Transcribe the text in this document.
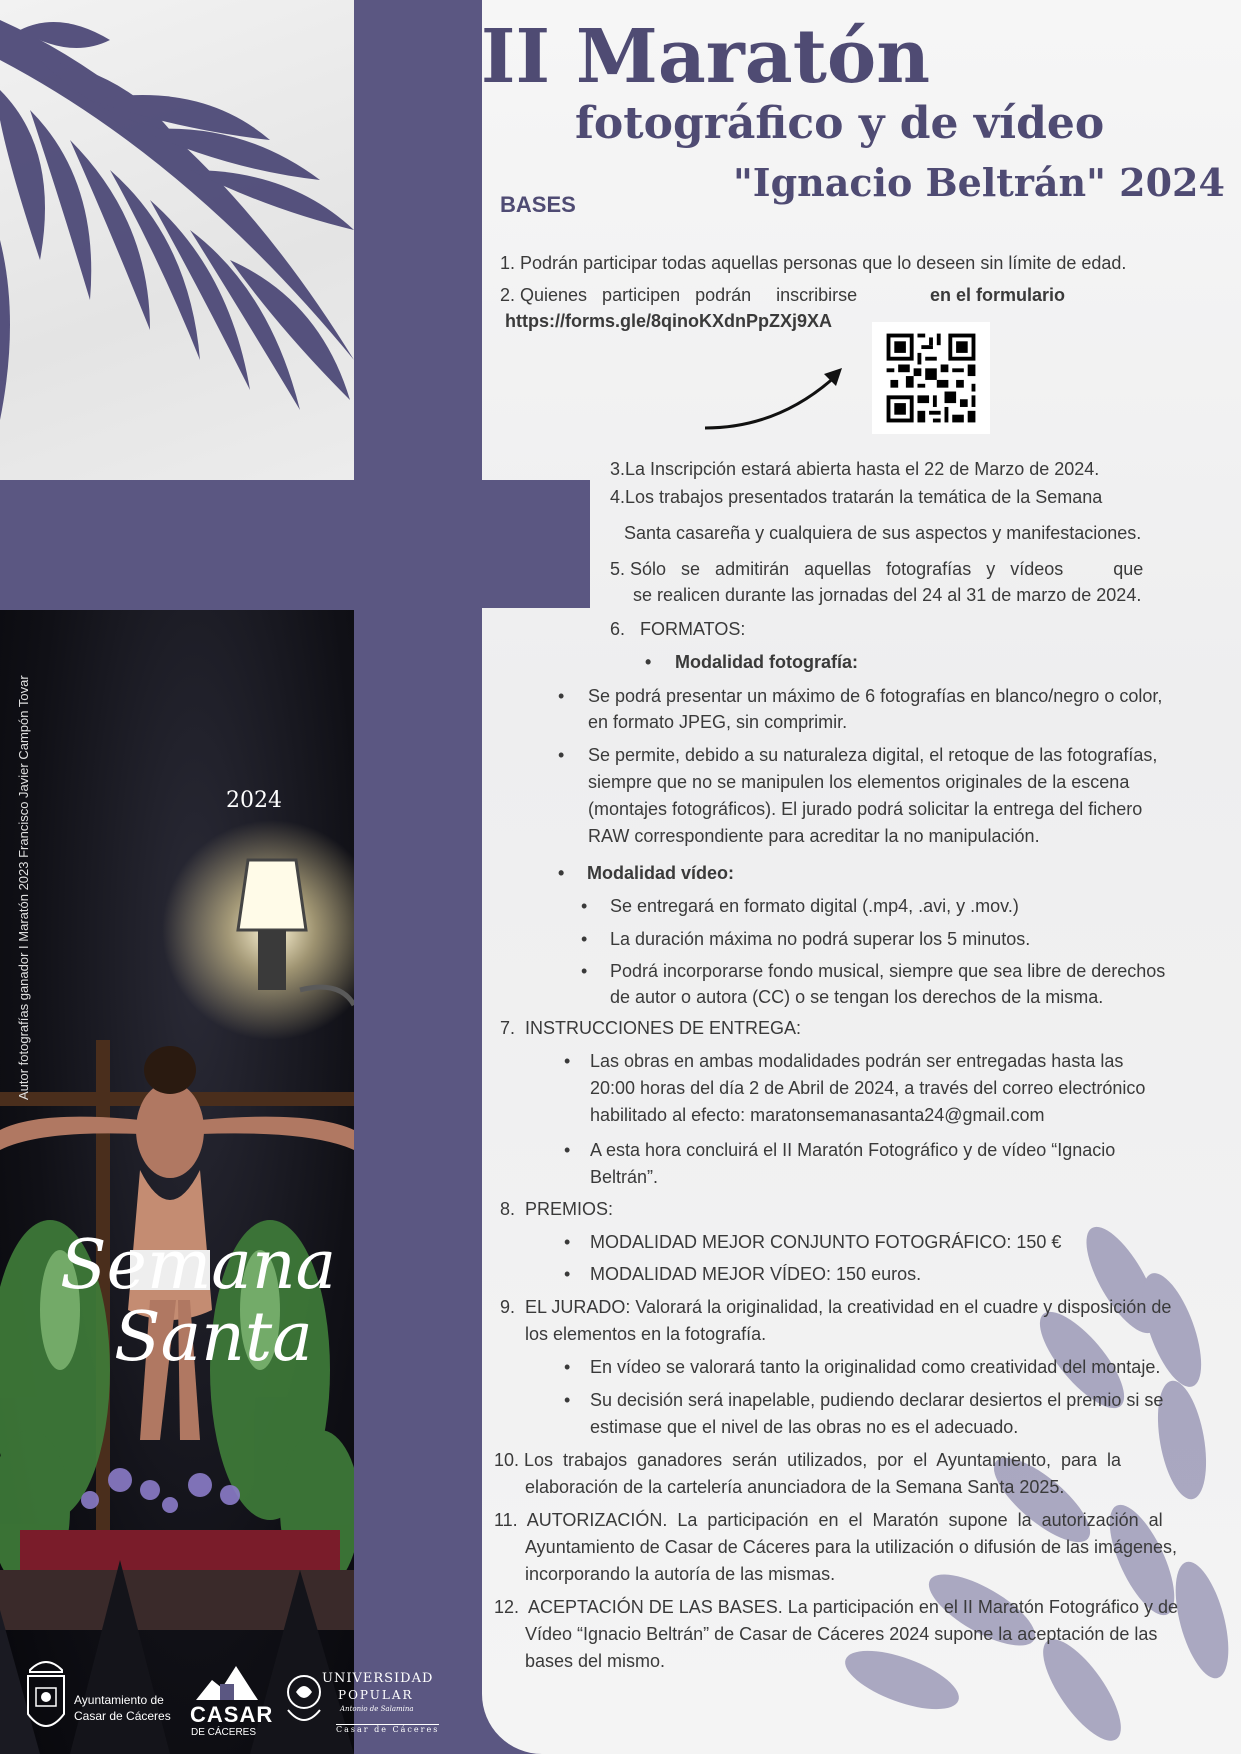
II Maratón
fotográfico y de vídeo
"Ignacio Beltrán" 2024
BASES
1. Podrán participar todas aquellas personas que lo deseen sin límite de edad.
2. Quienes   participen   podrán     inscribirse	en el formulario
https://forms.gle/8qinoKXdnPpZXj9XA
3.La Inscripción estará abierta hasta el 22 de Marzo de 2024.
4.Los trabajos presentados tratarán la temática de la Semana
Santa casareña y cualquiera de sus aspectos y manifestaciones.
5. Sólo   se   admitirán   aquellas   fotografías   y   vídeos          que
se realicen durante las jornadas del 24 al 31 de marzo de 2024.
6.   FORMATOS:
• Modalidad fotografía:
• Se podrá presentar un máximo de 6 fotografías en blanco/negro o color,
en formato JPEG, sin comprimir.
• Se permite, debido a su naturaleza digital, el retoque de las fotografías,
siempre que no se manipulen los elementos originales de la escena
(montajes fotográficos). El jurado podrá solicitar la entrega del fichero
RAW correspondiente para acreditar la no manipulación.
• Modalidad vídeo:
• Se entregará en formato digital (.mp4, .avi, y .mov.)
• La duración máxima no podrá superar los 5 minutos.
• Podrá incorporarse fondo musical, siempre que sea libre de derechos
de autor o autora (CC) o se tengan los derechos de la misma.
7.  INSTRUCCIONES DE ENTREGA:
• Las obras en ambas modalidades podrán ser entregadas hasta las
20:00 horas del día 2 de Abril de 2024, a través del correo electrónico
habilitado al efecto: maratonsemanasanta24@gmail.com
• A esta hora concluirá el II Maratón Fotográfico y de vídeo “Ignacio
Beltrán”.
8.  PREMIOS:
• MODALIDAD MEJOR CONJUNTO FOTOGRÁFICO: 150 €
• MODALIDAD MEJOR VÍDEO: 150 euros.
9.  EL JURADO: Valorará la originalidad, la creatividad en el cuadre y disposición de
los elementos en la fotografía.
• En vídeo se valorará tanto la originalidad como creatividad del montaje.
• Su decisión será inapelable, pudiendo declarar desiertos el premio si se
estimase que el nivel de las obras no es el adecuado.
10. Los  trabajos  ganadores  serán  utilizados,  por  el  Ayuntamiento,  para  la
elaboración de la cartelería anunciadora de la Semana Santa 2025.
11.  AUTORIZACIÓN.  La  participación  en  el  Maratón  supone  la  autorización  al
Ayuntamiento de Casar de Cáceres para la utilización o difusión de las imágenes,
incorporando la autoría de las mismas.
12.  ACEPTACIÓN DE LAS BASES. La participación en el II Maratón Fotográfico y de
Vídeo “Ignacio Beltrán” de Casar de Cáceres 2024 supone la aceptación de las
bases del mismo.
Semana
Santa
2024
Autor fotografías ganador I Maratón 2023 Francisco Javier Campón Tovar
Ayuntamiento de
Casar de Cáceres CASAR
DE CÁCERES
UNIVERSIDAD
POPULAR
Antonio de Salamina
Casar de Cáceres
